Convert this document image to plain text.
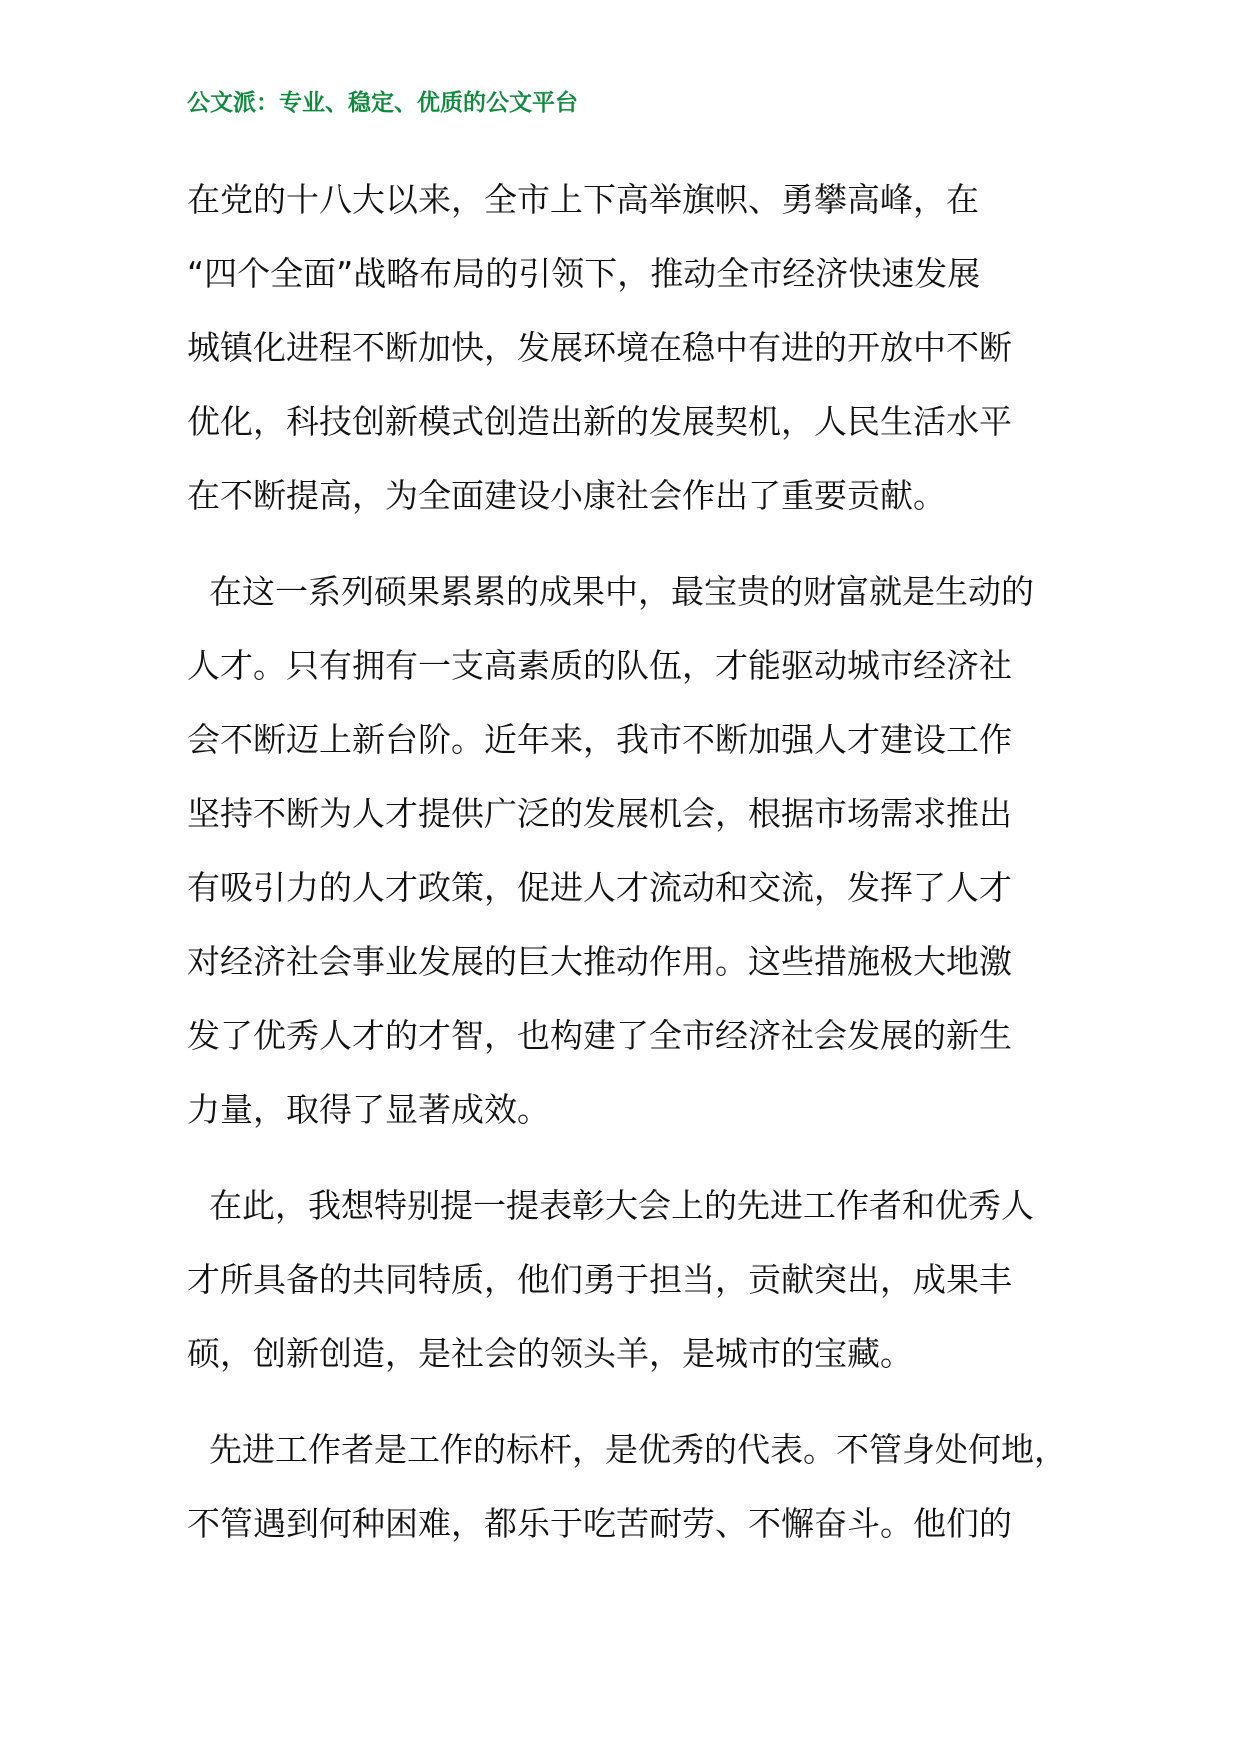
公文派：专业、稳定、优质的公文平台
在党的十八大以来，全市上下高举旗帜、勇攀高峰，在
“四个全面”战略布局的引领下，推动全市经济快速发展
城镇化进程不断加快，发展环境在稳中有进的开放中不断
优化，科技创新模式创造出新的发展契机，人民生活水平
在不断提高，为全面建设小康社会作出了重要贡献。
在这一系列硕果累累的成果中，最宝贵的财富就是生动的
人才。只有拥有一支高素质的队伍，才能驱动城市经济社
会不断迈上新台阶。近年来，我市不断加强人才建设工作
坚持不断为人才提供广泛的发展机会，根据市场需求推出
有吸引力的人才政策，促进人才流动和交流，发挥了人才
对经济社会事业发展的巨大推动作用。这些措施极大地激
发了优秀人才的才智，也构建了全市经济社会发展的新生
力量，取得了显著成效。
在此，我想特别提一提表彰大会上的先进工作者和优秀人
才所具备的共同特质，他们勇于担当，贡献突出，成果丰
硕，创新创造，是社会的领头羊，是城市的宝藏。
先进工作者是工作的标杆，是优秀的代表。不管身处何地，
不管遇到何种困难，都乐于吃苦耐劳、不懈奋斗。他们的
